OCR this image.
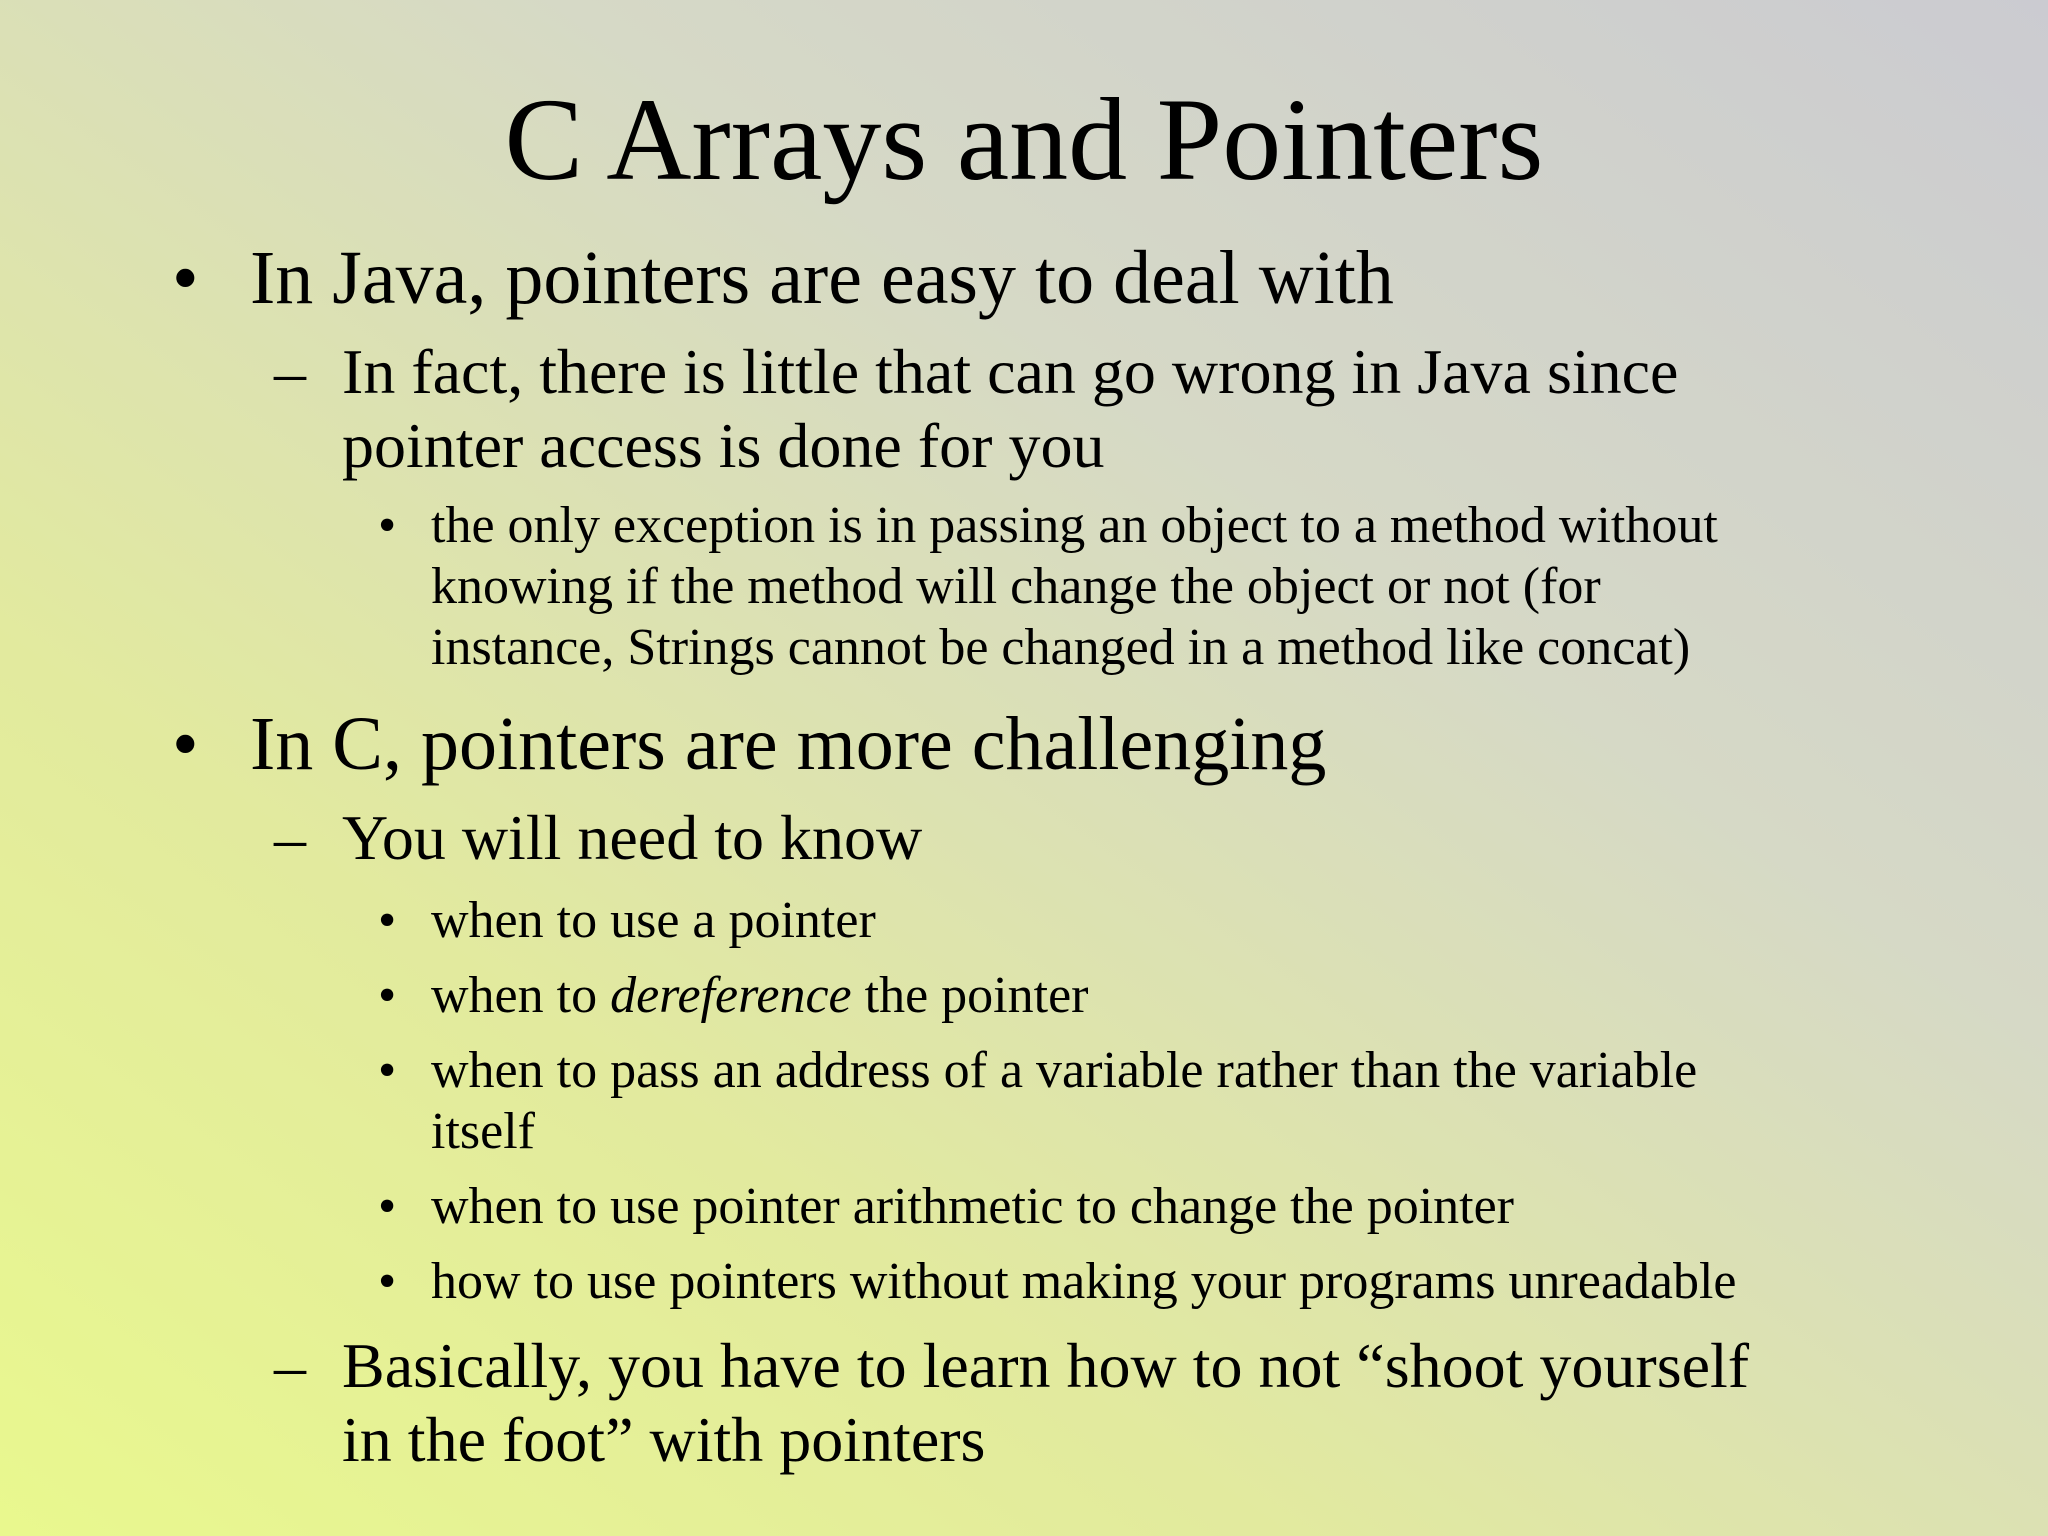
C Arrays and Pointers
• In Java, pointers are easy to deal with
– In fact, there is little that can go wrong in Java since
pointer access is done for you
• the only exception is in passing an object to a method without
knowing if the method will change the object or not (for
instance, Strings cannot be changed in a method like concat)
• In C, pointers are more challenging
– You will need to know
• when to use a pointer
• when to dereference the pointer
• when to pass an address of a variable rather than the variable
itself
• when to use pointer arithmetic to change the pointer
• how to use pointers without making your programs unreadable
– Basically, you have to learn how to not “shoot yourself
in the foot” with pointers
